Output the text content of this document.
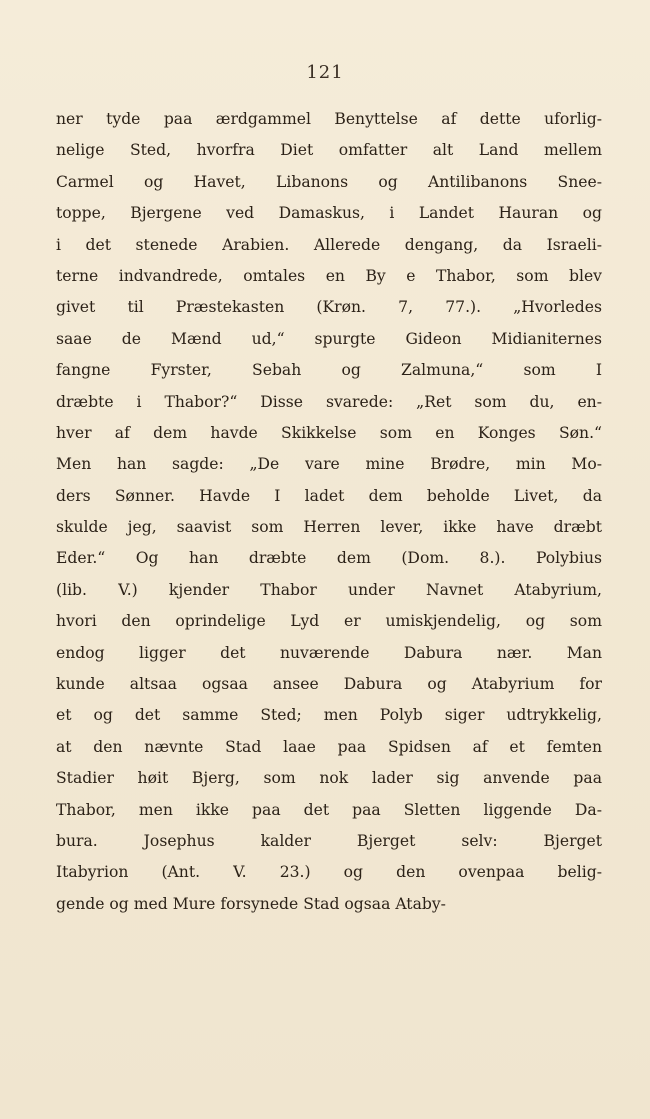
121
ner tyde paa ærdgammel Benyttelse af dette uforlig-
nelige Sted, hvorfra Diet omfatter alt Land mellem
Carmel og Havet, Libanons og Antilibanons Snee-
toppe, Bjergene ved Damaskus, i Landet Hauran og
i det stenede Arabien. Allerede dengang, da Israeli-
terne indvandrede, omtales en By e Thabor, som blev
givet til Præstekasten (Krøn. 7, 77.). „Hvorledes
saae de Mænd ud,“ spurgte Gideon Midianiternes
fangne Fyrster, Sebah og Zalmuna,“ som I
dræbte i Thabor?“ Disse svarede: „Ret som du, en-
hver af dem havde Skikkelse som en Konges Søn.“
Men han sagde: „De vare mine Brødre, min Mo-
ders Sønner. Havde I ladet dem beholde Livet, da
skulde jeg, saavist som Herren lever, ikke have dræbt
Eder.“ Og han dræbte dem (Dom. 8.). Polybius
(lib. V.) kjender Thabor under Navnet Atabyrium,
hvori den oprindelige Lyd er umiskjendelig, og som
endog ligger det nuværende Dabura nær. Man
kunde altsaa ogsaa ansee Dabura og Atabyrium for
et og det samme Sted; men Polyb siger udtrykkelig,
at den nævnte Stad laae paa Spidsen af et femten
Stadier høit Bjerg, som nok lader sig anvende paa
Thabor, men ikke paa det paa Sletten liggende Da-
bura. Josephus kalder Bjerget selv: Bjerget
Itabyrion (Ant. V. 23.) og den ovenpaa belig-
gende og med Mure forsynede Stad ogsaa Ataby-
